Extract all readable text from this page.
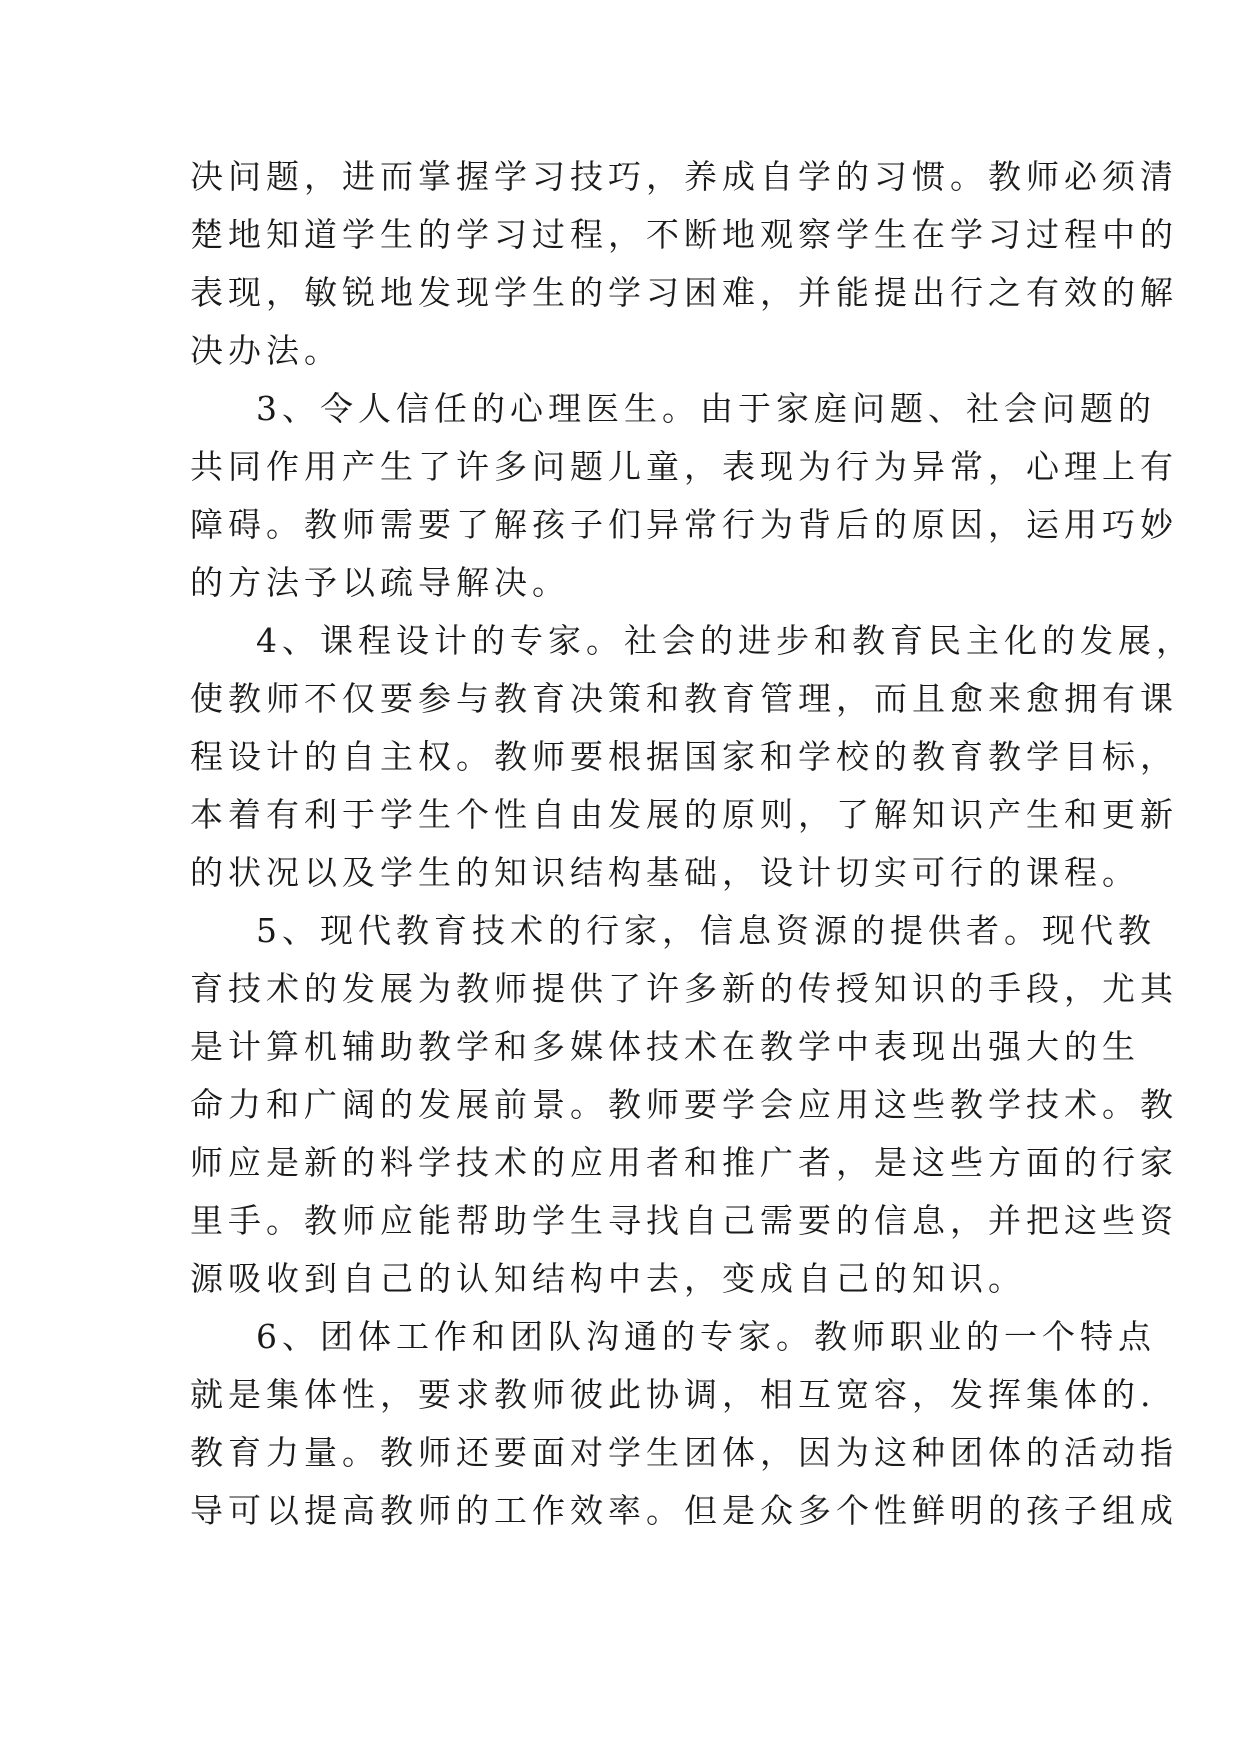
决问题，进而掌握学习技巧，养成自学的习惯。教师必须清
楚地知道学生的学习过程，不断地观察学生在学习过程中的
表现，敏锐地发现学生的学习困难，并能提出行之有效的解
决办法。
3、令人信任的心理医生。由于家庭问题、社会问题的
共同作用产生了许多问题儿童，表现为行为异常，心理上有
障碍。教师需要了解孩子们异常行为背后的原因，运用巧妙
的方法予以疏导解决。
4、课程设计的专家。社会的进步和教育民主化的发展，
使教师不仅要参与教育决策和教育管理，而且愈来愈拥有课
程设计的自主权。教师要根据国家和学校的教育教学目标，
本着有利于学生个性自由发展的原则，了解知识产生和更新
的状况以及学生的知识结构基础，设计切实可行的课程。
5、现代教育技术的行家，信息资源的提供者。现代教
育技术的发展为教师提供了许多新的传授知识的手段，尤其
是计算机辅助教学和多媒体技术在教学中表现出强大的生
命力和广阔的发展前景。教师要学会应用这些教学技术。教
师应是新的料学技术的应用者和推广者，是这些方面的行家
里手。教师应能帮助学生寻找自己需要的信息，并把这些资
源吸收到自己的认知结构中去，变成自己的知识。
6、团体工作和团队沟通的专家。教师职业的一个特点
就是集体性，要求教师彼此协调，相互宽容，发挥集体的.
教育力量。教师还要面对学生团体，因为这种团体的活动指
导可以提高教师的工作效率。但是众多个性鲜明的孩子组成
